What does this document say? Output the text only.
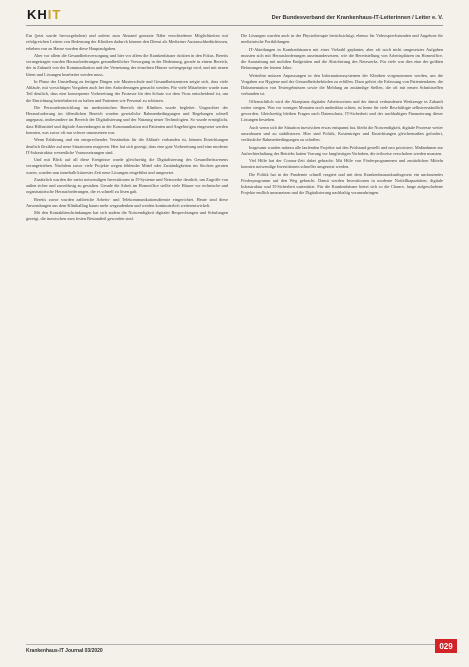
KHIT	Der Bundesverband der Krankenhaus-IT-Leiterinnen / Leiter e. V.

Ein (jetzt wurde hervorgehoben) und zuletzt zum Abstand genutzte Nähe verschiedener Möglichkeiten mit erfolgreichen Leitern von Bedeutung der Kliniken dadurch können den Dienst als Mediziner Austauschbedürfnissen, erheben von zu Hause wurden diese Hauptaufgaben.

Aber vor allem die Gesundheitsversorgung und hier vor allem die Krankenhäuser rückten in den Fokus. Bereits vorangetragen wurden Herausforderungen gesundheitlicher Versorgung in der Bedeutung, gerade in einem Bereich, der in Zukunft von der Kommunikation und der Vernetzung der einzelnen Häuser weitergeprägt wird, und mit neuen Ideen und Lösungen bearbeitet werden muss.

In Phase der Umstellung zu fertigen Dingen wie Musterschule und Gesundheitszentren zeigte sich, dass viele Abläufe, mit vorsichtigen Vorgaben auch bei den Anforderungen gemacht werden. Für viele Mitarbeiter wurde zum Teil deutlich, dass eine konsequente Vorbereitung der Prozesse für den Schutz vor dem Virus entscheidend ist, um die Einrichtung betriebsbereit zu halten und Patienten wie Personal zu schützen.

Die Personalentwicklung im medizinischen Bereich der Kliniken wurde begleitet. Ungeachtet der Herausforderung im öffentlichen Bereich wurden gesetzliche Rahmenbedingungen und Regelungen schnell angepasst, insbesondere im Bereich der Digitalisierung und der Nutzung neuer Technologien. So wurde ermöglicht, dass Hilfsmittel und digitale Anwendungen in der Kommunikation mit Patienten und Angehörigen eingesetzt werden konnten, was zuvor oft nur schwer umzusetzen war.

Wenn Erfahrung und ein entsprechendes Verständnis für die Abläufe vorhanden ist, können Einrichtungen deutlich flexibler auf neue Situationen reagieren. Hier hat sich gezeigt, dass eine gute Vorbereitung und eine moderne IT-Infrastruktur wesentliche Voraussetzungen sind.

Und mit Blick auf all diese Ereignisse wurde gleichzeitig die Digitalisierung des Gesundheitswesens vorangetrieben. Nachdem zuvor viele Projekte wegen fehlender Mittel oder Zuständigkeiten ins Stocken geraten waren, wurden nun innerhalb kürzester Zeit neue Lösungen eingeführt und umgesetzt.

Zusätzlich wurden die meist notwendigen Investitionen in IT-Systeme und Netzwerke deutlich, um Zugriffe von außen sicher und zuverlässig zu gestalten. Gerade die Arbeit im Homeoffice stellte viele Häuser vor technische und organisatorische Herausforderungen, die es schnell zu lösen galt.

Bereits zuvor wurden zahlreiche Arbeits- und Telekommunikationsdienste eingerichtet. Heute sind diese Anwendungen aus dem Klinikalltag kaum mehr wegzudenken und werden kontinuierlich weiterentwickelt.

Mit den Kontaktbeschränkungen hat sich zudem die Notwendigkeit digitaler Besprechungen und Schulungen gezeigt, die inzwischen zum festen Bestandteil geworden sind.

Die Lösungen wurden auch in der Physiotherapie berücksichtigt, ebenso für Videosprechstunden und Angebote für medizinische Fortbildungen.

IT-Abteilungen in Krankenhäusern mit einer Vielzahl geplanter, aber oft noch nicht umgesetzter Aufgaben mussten sich mit Herausforderungen auseinandersetzen, wie die Bereitstellung von Arbeitsplätzen im Homeoffice, die Ausstattung mit mobilen Endgeräten und die Absicherung des Netzwerks. Für viele war dies eine der größten Belastungen der letzten Jahre.

Weiterhin müssen Anpassungen in den Informationssystemen der Kliniken vorgenommen werden, um die Vorgaben zur Hygiene und der Gesundheitsbehörden zu erfüllen. Dazu gehört die Erfassung von Patientendaten, die Dokumentation von Testergebnissen sowie die Meldung an zuständige Stellen, die oft mit neuen Schnittstellen verbunden ist.

Offensichtlich wird die Akzeptanz digitaler Arbeitsweisen und der damit verbundenen Werkzeuge in Zukunft weiter steigen. Was vor wenigen Monaten noch undenkbar schien, ist heute für viele Beschäftigte selbstverständlich geworden. Gleichzeitig bleiben Fragen nach Datenschutz, IT-Sicherheit und der nachhaltigen Finanzierung dieser Lösungen bestehen.

Auch wenn sich die Situation inzwischen etwas entspannt hat, bleibt die Notwendigkeit, digitale Prozesse weiter auszubauen und zu stabilisieren. Hier sind Politik, Kostenträger und Einrichtungen gleichermaßen gefordert, verlässliche Rahmenbedingungen zu schaffen.

Insgesamt wurden nahezu alle laufenden Projekte auf den Prüfstand gestellt und neu priorisiert. Maßnahmen zur Aufrechterhaltung des Betriebs hatten Vorrang vor langfristigen Vorhaben, die teilweise verschoben werden mussten.

Viel Hilfe hat der Corona-Zeit dabei gebracht: Mit Hilfe von Förderprogrammen und zusätzlichen Mitteln konnten notwendige Investitionen schneller umgesetzt werden.

Die Politik hat in der Pandemie schnell reagiert und mit dem Krankenhauszukunftsgesetz ein umfassendes Förderprogramm auf den Weg gebracht. Damit werden Investitionen in moderne Notfallkapazitäten, digitale Infrastruktur und IT-Sicherheit unterstützt. Für die Krankenhäuser bietet sich so die Chance, lange aufgeschobene Projekte endlich umzusetzen und die Digitalisierung nachhaltig voranzubringen.

Krankenhaus-IT Journal 03/2020
029
